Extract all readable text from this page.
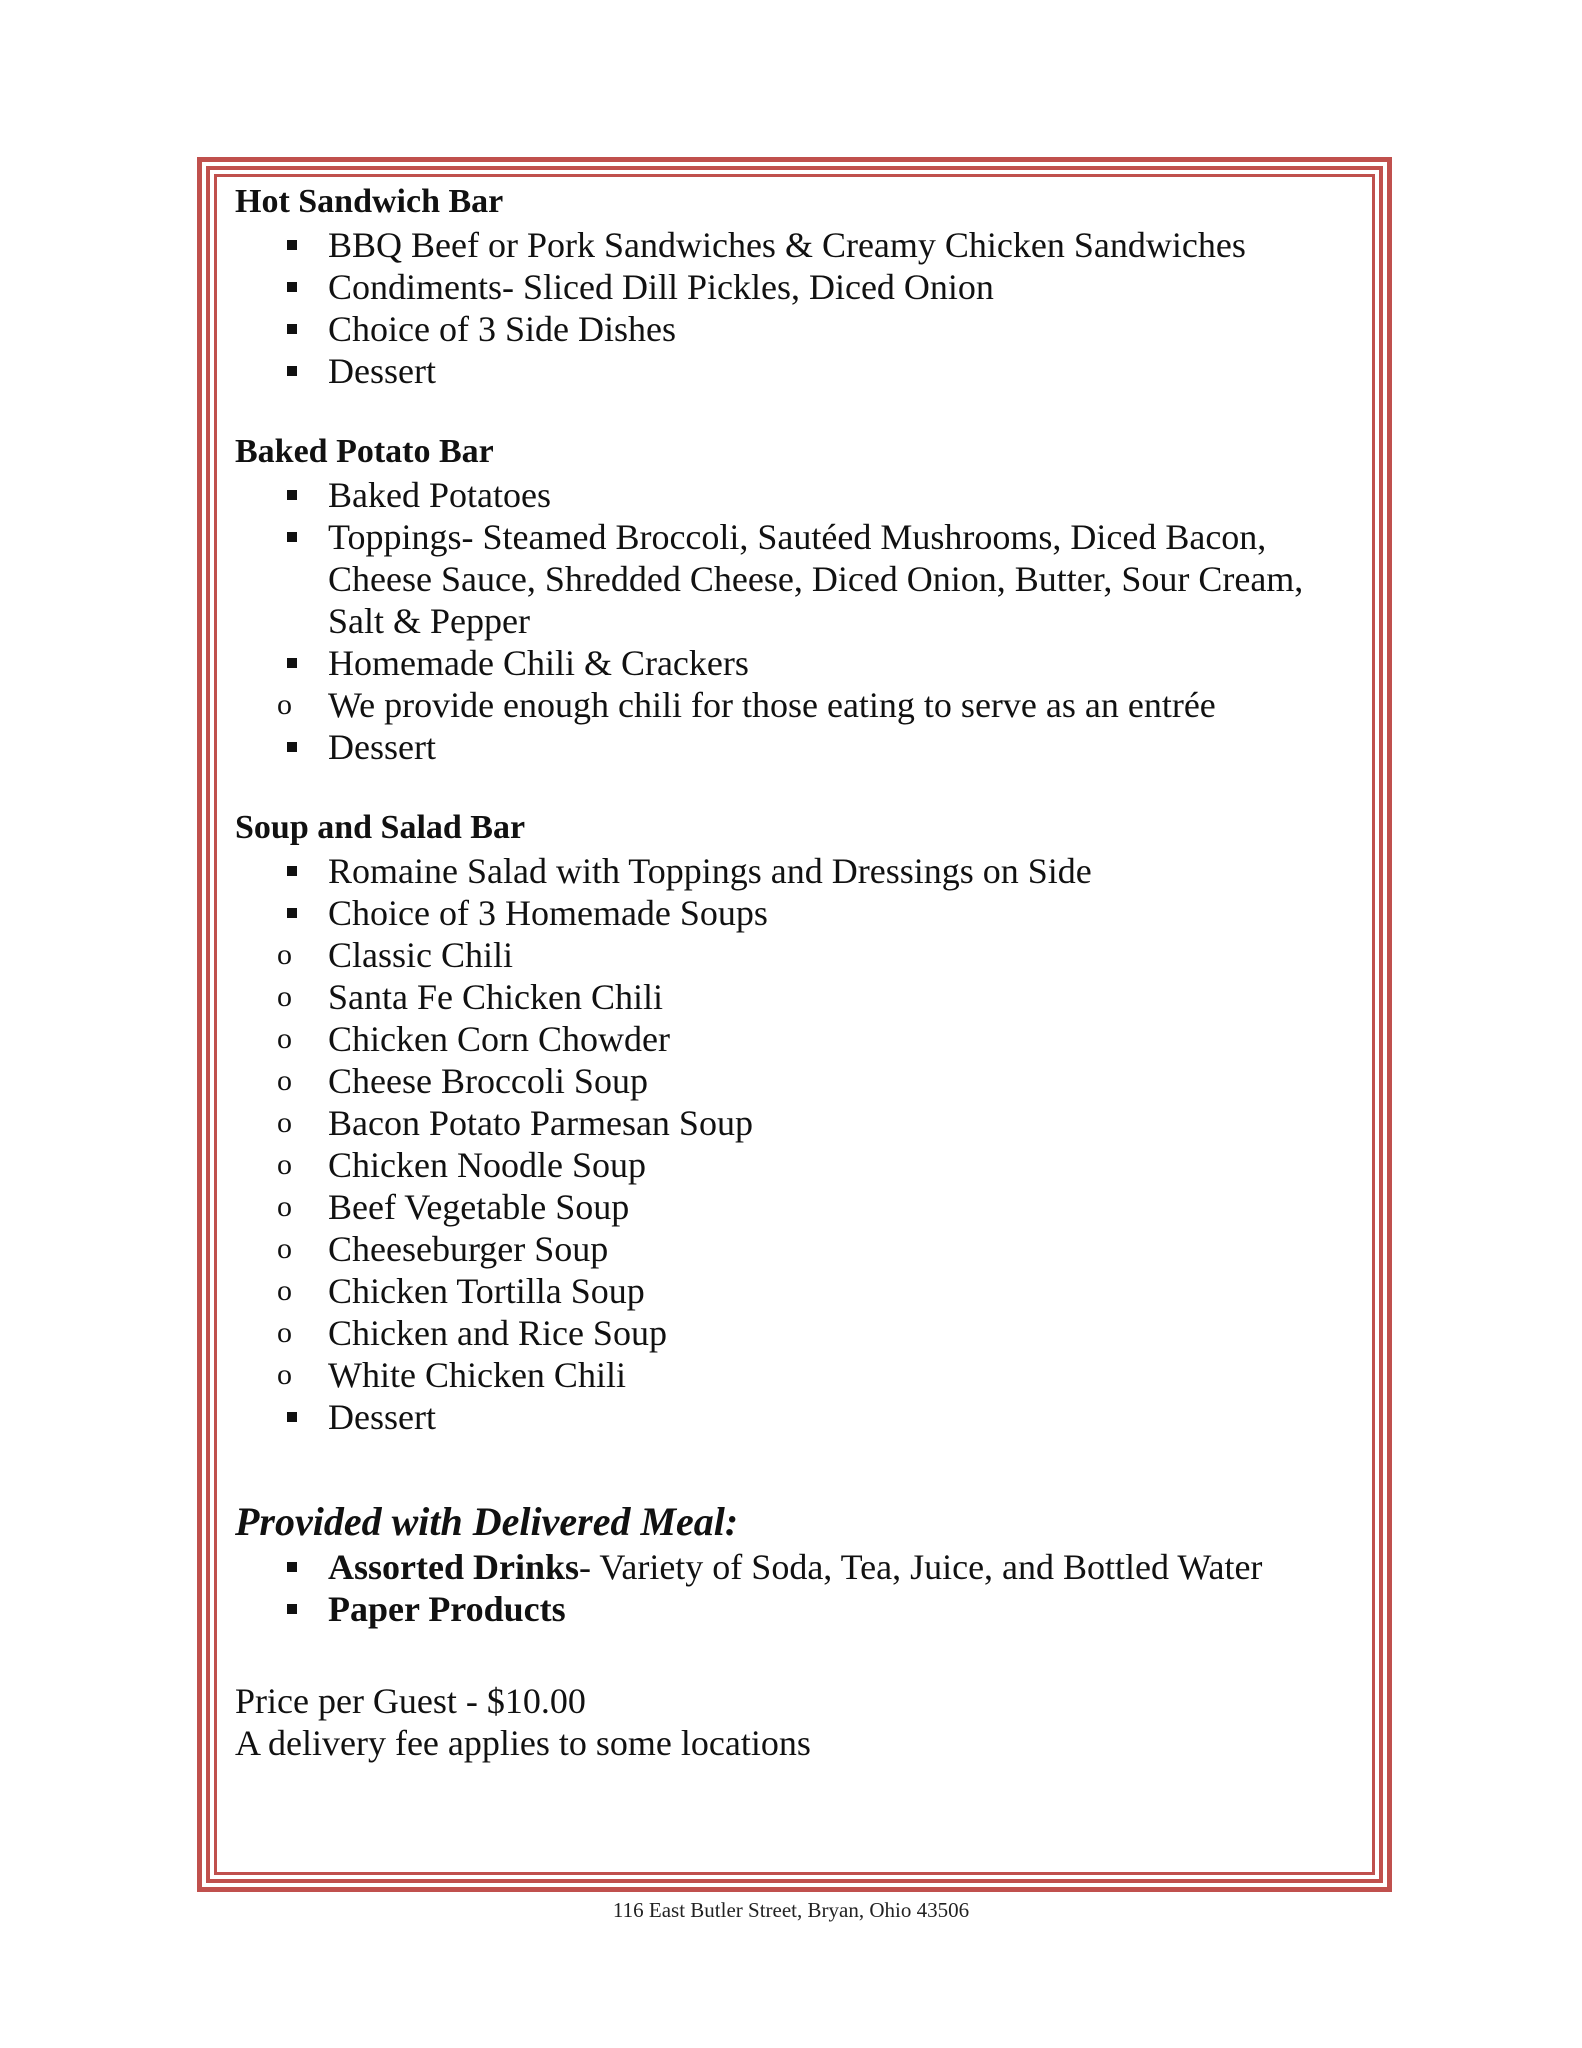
Hot Sandwich Bar

BBQ Beef or Pork Sandwiches & Creamy Chicken Sandwiches
Condiments- Sliced Dill Pickles, Diced Onion
Choice of 3 Side Dishes
Dessert

Baked Potato Bar

Baked Potatoes
Toppings- Steamed Broccoli, Sautéed Mushrooms, Diced Bacon, Cheese Sauce, Shredded Cheese, Diced Onion, Butter, Sour Cream, Salt & Pepper
Homemade Chili & Crackers
o We provide enough chili for those eating to serve as an entrée
Dessert

Soup and Salad Bar

Romaine Salad with Toppings and Dressings on Side
Choice of 3 Homemade Soups
o Classic Chili
o Santa Fe Chicken Chili
o Chicken Corn Chowder
o Cheese Broccoli Soup
o Bacon Potato Parmesan Soup
o Chicken Noodle Soup
o Beef Vegetable Soup
o Cheeseburger Soup
o Chicken Tortilla Soup
o Chicken and Rice Soup
o White Chicken Chili
Dessert
Provided with Delivered Meal:
Assorted Drinks- Variety of Soda, Tea, Juice, and Bottled Water
Paper Products
Price per Guest - $10.00
A delivery fee applies to some locations
116 East Butler Street, Bryan, Ohio 43506
